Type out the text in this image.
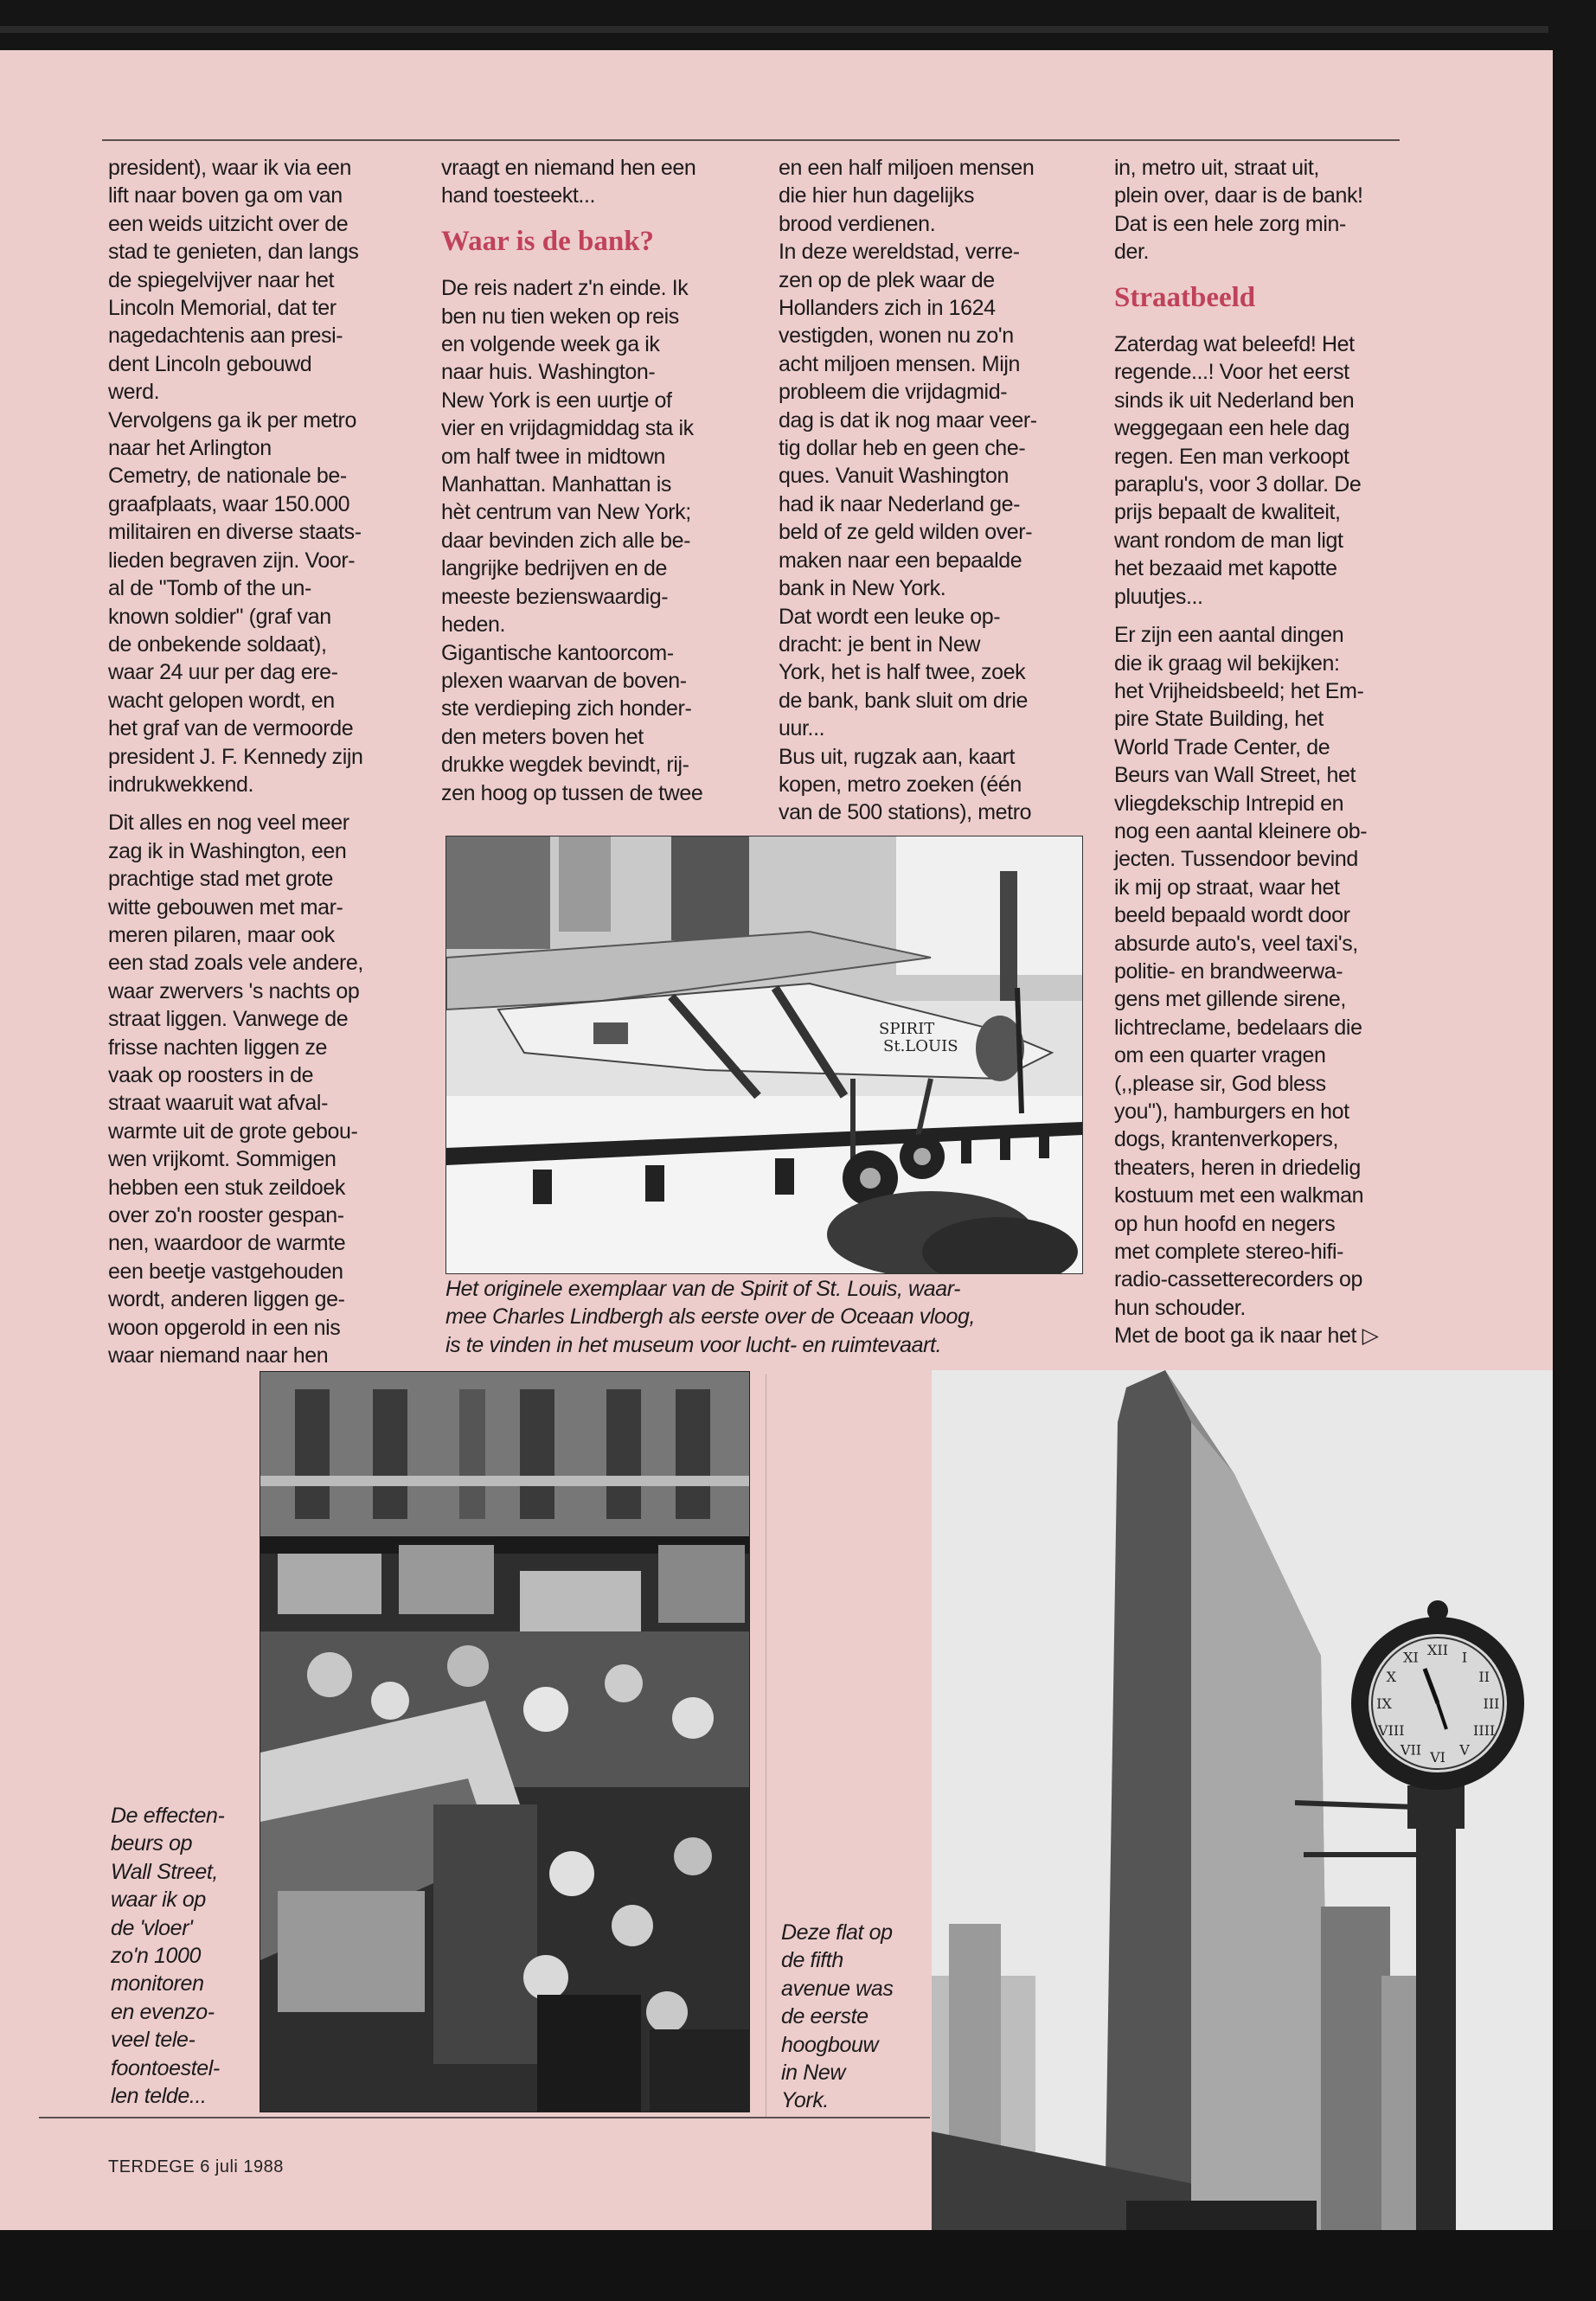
president), waar ik via een
lift naar boven ga om van
een weids uitzicht over de
stad te genieten, dan langs
de spiegelvijver naar het
Lincoln Memorial, dat ter
nagedachtenis aan presi-
dent Lincoln gebouwd
werd.
Vervolgens ga ik per metro
naar het Arlington
Cemetry, de nationale be-
graafplaats, waar 150.000
militairen en diverse staats-
lieden begraven zijn. Voor-
al de "Tomb of the un-
known soldier" (graf van
de onbekende soldaat),
waar 24 uur per dag ere-
wacht gelopen wordt, en
het graf van de vermoorde
president J. F. Kennedy zijn
indrukwekkend.

Dit alles en nog veel meer
zag ik in Washington, een
prachtige stad met grote
witte gebouwen met mar-
meren pilaren, maar ook
een stad zoals vele andere,
waar zwervers 's nachts op
straat liggen. Vanwege de
frisse nachten liggen ze
vaak op roosters in de
straat waaruit wat afval-
warmte uit de grote gebou-
wen vrijkomt. Sommigen
hebben een stuk zeildoek
over zo'n rooster gespan-
nen, waardoor de warmte
een beetje vastgehouden
wordt, anderen liggen ge-
woon opgerold in een nis
waar niemand naar hen

vraagt en niemand hen een
hand toesteekt...

Waar is de bank?

De reis nadert z'n einde. Ik
ben nu tien weken op reis
en volgende week ga ik
naar huis. Washington-
New York is een uurtje of
vier en vrijdagmiddag sta ik
om half twee in midtown
Manhattan. Manhattan is
hèt centrum van New York;
daar bevinden zich alle be-
langrijke bedrijven en de
meeste bezienswaardig-
heden.
Gigantische kantoorcom-
plexen waarvan de boven-
ste verdieping zich honder-
den meters boven het
drukke wegdek bevindt, rij-
zen hoog op tussen de twee

en een half miljoen mensen
die hier hun dagelijks
brood verdienen.
In deze wereldstad, verre-
zen op de plek waar de
Hollanders zich in 1624
vestigden, wonen nu zo'n
acht miljoen mensen. Mijn
probleem die vrijdagmid-
dag is dat ik nog maar veer-
tig dollar heb en geen che-
ques. Vanuit Washington
had ik naar Nederland ge-
beld of ze geld wilden over-
maken naar een bepaalde
bank in New York.
Dat wordt een leuke op-
dracht: je bent in New
York, het is half twee, zoek
de bank, bank sluit om drie
uur...
Bus uit, rugzak aan, kaart
kopen, metro zoeken (één
van de 500 stations), metro

in, metro uit, straat uit,
plein over, daar is de bank!
Dat is een hele zorg min-
der.

Straatbeeld

Zaterdag wat beleefd! Het
regende...! Voor het eerst
sinds ik uit Nederland ben
weggegaan een hele dag
regen. Een man verkoopt
paraplu's, voor 3 dollar. De
prijs bepaalt de kwaliteit,
want rondom de man ligt
het bezaaid met kapotte
pluutjes...

Er zijn een aantal dingen
die ik graag wil bekijken:
het Vrijheidsbeeld; het Em-
pire State Building, het
World Trade Center, de
Beurs van Wall Street, het
vliegdekschip Intrepid en
nog een aantal kleinere ob-
jecten. Tussendoor bevind
ik mij op straat, waar het
beeld bepaald wordt door
absurde auto's, veel taxi's,
politie- en brandweerwa-
gens met gillende sirene,
lichtreclame, bedelaars die
om een quarter vragen
(,,please sir, God bless
you"), hamburgers en hot
dogs, krantenverkopers,
theaters, heren in driedelig
kostuum met een walkman
op hun hoofd en negers
met complete stereo-hifi-
radio-cassetterecorders op
hun schouder.
Met de boot ga ik naar het ▷

SPIRIT
St.LOUIS
Het originele exemplaar van de Spirit of St. Louis, waar-
mee Charles Lindbergh als eerste over de Oceaan vloog,
is te vinden in het museum voor lucht- en ruimtevaart.
De effecten-
beurs op
Wall Street,
waar ik op
de 'vloer'
zo'n 1000
monitoren
en evenzo-
veel tele-
foontoestel-
len telde...
Deze flat op
de fifth
avenue was
de eerste
hoogbouw
in New
York.
XII I
II
III
IIII
V
VI
VII
VIII
IX
X
XI
TERDEGE 6 juli 1988
